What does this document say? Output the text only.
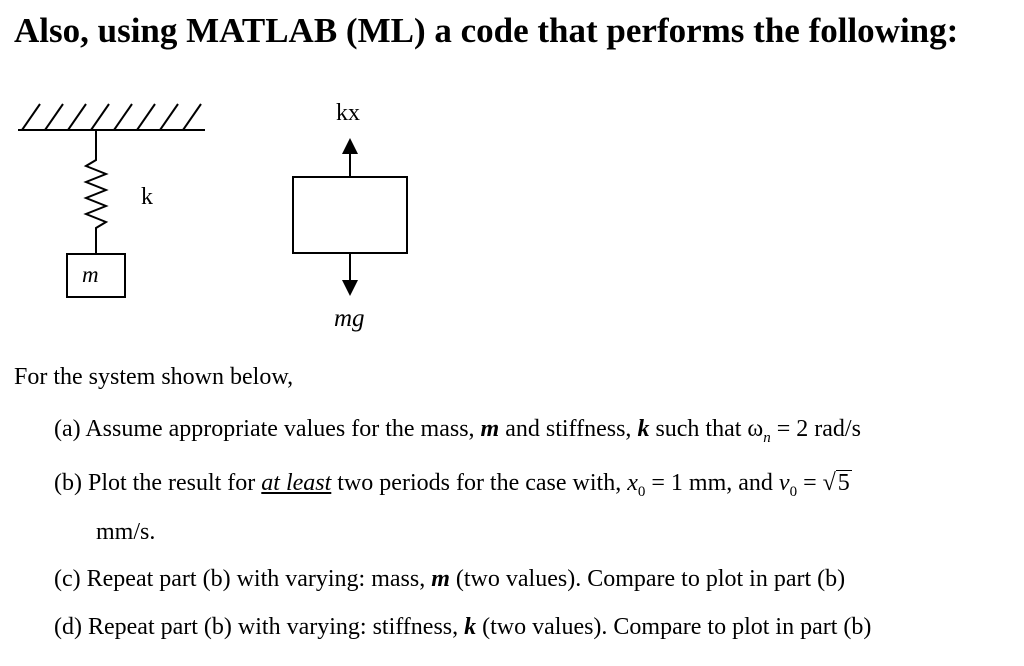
Also, using MATLAB (ML) a code that performs the following:
k
m
kx
mg
For the system shown below,
(a) Assume appropriate values for the mass, m and stiffness, k such that $\omega_n = 2$ rad/s
(b) Plot the result for at least two periods for the case with, $x_0 = 1$ mm, and $v_0 = √5$
mm/s.
(c) Repeat part (b) with varying: mass, m (two values). Compare to plot in part (b)
(d) Repeat part (b) with varying: stiffness, k (two values). Compare to plot in part (b)
